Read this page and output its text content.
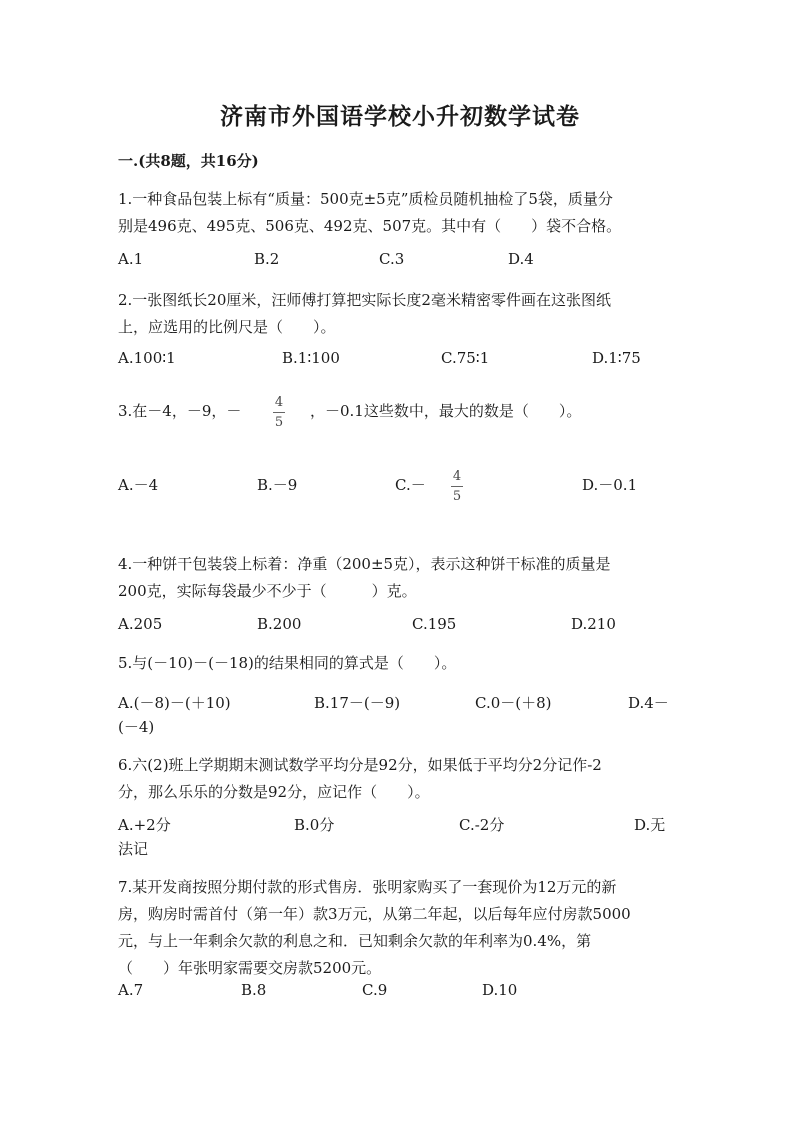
济南市外国语学校小升初数学试卷
一.(共8题，共16分)
1.一种食品包装上标有“质量：500克±5克”质检员随机抽检了5袋，质量分
别是496克、495克、506克、492克、507克。其中有（　　）袋不合格。
A.1	B.2	C.3	D.4
2.一张图纸长20厘米，汪师傅打算把实际长度2毫米精密零件画在这张图纸
上，应选用的比例尺是（　　）。
A.100∶1	B.1∶100	C.75∶1	D.1∶75
3.在－4，－9，－	4
5
，－0.1这些数中，最大的数是（　　）。
A.－4	B.－9	C.－	D.－0.1
4
5
4.一种饼干包装袋上标着：净重（200±5克），表示这种饼干标准的质量是
200克，实际每袋最少不少于（　　　）克。
A.205	B.200	C.195	D.210
5.与(－10)－(－18)的结果相同的算式是（　　）。
A.(－8)－(＋10)	B.17－(－9)	C.0－(＋8)	D.4－
(－4)
6.六(2)班上学期期末测试数学平均分是92分，如果低于平均分2分记作-2
分，那么乐乐的分数是92分，应记作（　　）。
A.+2分	B.0分	C.-2分	D.无
法记
7.某开发商按照分期付款的形式售房．张明家购买了一套现价为12万元的新
房，购房时需首付（第一年）款3万元，从第二年起，以后每年应付房款5000
元，与上一年剩余欠款的利息之和．已知剩余欠款的年利率为0.4%，第
（　　）年张明家需要交房款5200元。
A.7	B.8	C.9	D.10
